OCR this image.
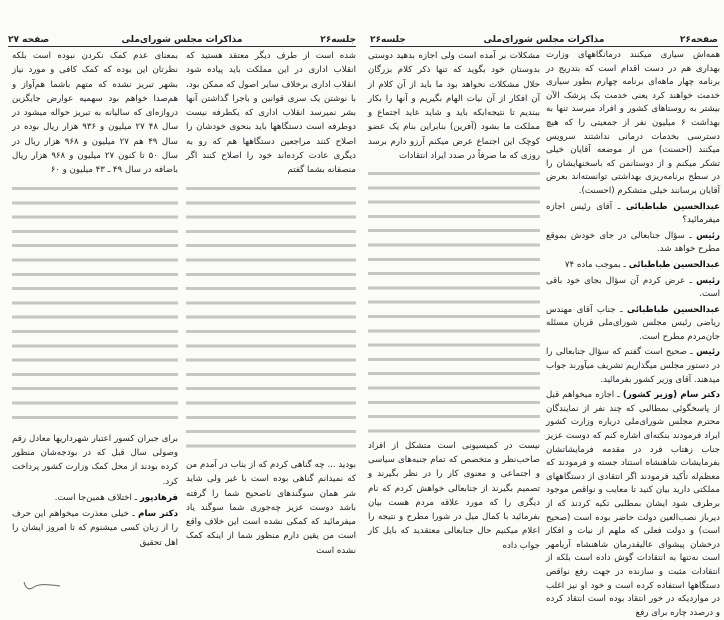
صفحه ۲۷	مذاکرات مجلس شورای‌ملی	جلسه۲۶

شده است از طرف دیگر معتقد هستید که انقلاب اداری در این مملکت باید پیاده شود انقلاب اداری برخلاف سایر اصول که ممکن بود، با نوشتن یک سری قوانین و باجرا گذاشتن آنها بشر نمیرسد انقلاب اداری که یکطرفه نیست دوطرفه است دستگاهها باید بنحوی خودشان را اصلاح کنند مراجعین دستگاهها هم که رو به دیگری عادت کرده‌اند خود را اصلاح کنند اگر منصفانه بشما گفتم

بودید ... چه گناهی کردم که از بناب در آمدم من که نمیدانم گناهی بوده است با غیر ولی شاید شر همان سوگندهای ناصحیح شما را گرفته باشد دوست عزیز چه‌جوری شما سوگند یاد میفرمائید که کمکی نشده است این خلاف واقع است من یقین دارم منظور شما از اینکه کمک نشده است

بمعنای عدم کمک نکردن نبوده است بلکه نظرتان این بوده که کمک کافی و مورد نیاز بشهر تبریز نشده که متهم باشما هم‌آواز و هم‌صدا خواهم بود سهمیه عوارض جایگزین دروازه‌ای که سالیانه به تبریز حواله میشود در سال ۴۸ ۲۷ میلیون و ۹۳۶ هزار ریال بوده در سال ۴۹ هم ۲۷ میلیون و ۹۶۸ هزار ریال در سال ۵۰ تا کنون ۲۷ میلیون و ۹۶۸ هزار ریال باضافه در سال ۴۹ ـ ۴۳ میلیون و ۶۰

برای جبران کسور اعتبار شهرداریها معادل رقم وصولی سال قبل که در بودجه‌شان منظور کرده بودند از محل کمک وزارت کشور پرداخت کرد.

فرهادپور ـ اختلاف همین‌جا است.

دکتر سام ـ خیلی معذرت میخواهم این حرف را از زبان کسی میشنوم که تا امروز ایشان را اهل تحقیق

جلسه۲۶	مذاکرات مجلس شورای‌ملی	صفحه۲۶

مشکلات بر آمده است ولی اجازه بدهید دوستی بدوستان خود بگوید که تنها ذکر کلام بزرگان حلال مشکلات نخواهد بود ما باید از آن کلام از آن افکار از آن نیات الهام بگیریم و آنها را بکار ببندیم تا نتیجه‌ایکه باید و شاید عاید اجتماع و مملکت ما بشود (آفرین) بنابراین بنام یک عضو کوچک این اجتماع عرض میکنم آرزو دارم برسد روزی که ما صرفاً در صدد ایراد انتقادات

نیست در کمیسیونی است متشکل از افراد صاحب‌نظر و متخصص که تمام جنبه‌های سیاسی و اجتماعی و معنوی کار را در نظر بگیرند و تصمیم بگیرند از جنابعالی خواهش کردم که نام دیگری را که مورد علاقه مردم هست بیان بفرمائید با کمال میل در شورا مطرح و نتیجه را اعلام میکنیم حال جنابعالی معتقدید که بایل کار جواب داده

همه‌اش سیاری میکنند درمانگاههای وزارت بهداری هم در دست اقدام است که بتدریج در برنامه چهار ماهه‌ای برنامه چهارم بطور سیاری خدمت خواهند کرد یعنی خدمت یک پزشک الآن بیشتر به روستاهای کشور و افراد میرسد تنها به بهداشت ۶ میلیون نفر از جمعیتی را که هیچ دسترسی بخدمات درمانی نداشتند سرویس میکنند (احسنت) من از موضعه آقایان خیلی تشکر میکنم و از دوستانمن که باسخنهایشان را در سطح برنامه‌ریزی بهداشتی توانسته‌اند بعرض آقایان برسانند خیلی متشکرم (احسنت).

عبدالحسین طباطبائی ـ آقای رئیس اجازه میفرمائید؟

رئیس ـ سؤال جنابعالی در جای خودش بموقع مطرح خواهد شد.

عبدالحسین طباطبائی ـ بموجب ماده ۷۴

رئیس ـ عرض کردم آن سؤال بجای خود باقی است.

عبدالحسین طباطبائی ـ جناب آقای مهندس ریاضی رئیس مجلس شورای‌ملی قربان مسئله جان‌مردم مطرح است.

رئیس ـ صحیح است گفتم که سؤال جنابعالی را در دستور مجلس میگذاریم تشریف میآورند جواب میدهند. آقای وزیر کشور بفرمائید.

دکتر سام (وزیر کشور) ـ اجازه میخواهم قبل از پاسخگوئی بمطالبی که چند نفر از نمایندگان محترم مجلس شورای‌ملی درباره وزارت کشور ایراد فرمودند بنکته‌ای اشاره کنم که دوست عزیز جناب زهتاب فرد در مقدمه فرمایشاتشان بفرمایشات شاهنشاه استناد جسته و فرمودند که معظم‌له تأکید فرمودند اگر انتقادی از دستگاههای مملکتی دارید بیان کنید تا معایب و نواقص موجود برطرف شود ایشان بمطلبی تکیه کردند که از دیرباز نصب‌العین دولت حاضر بوده است (صحیح است) و دولت فعلی که ملهم از نیات و افکار درخشان پیشوای عالیقدرمان شاهنشاه آریامهر است نه‌تنها به انتقادات گوش داده است بلکه از انتقادات مثبت و سازنده در جهت رفع نواقص دستگاهها استفاده کرده است و خود او نیز اغلب در مواردیکه در خور انتقاد بوده است انتقاد کرده و درصدد چاره برای رفع
